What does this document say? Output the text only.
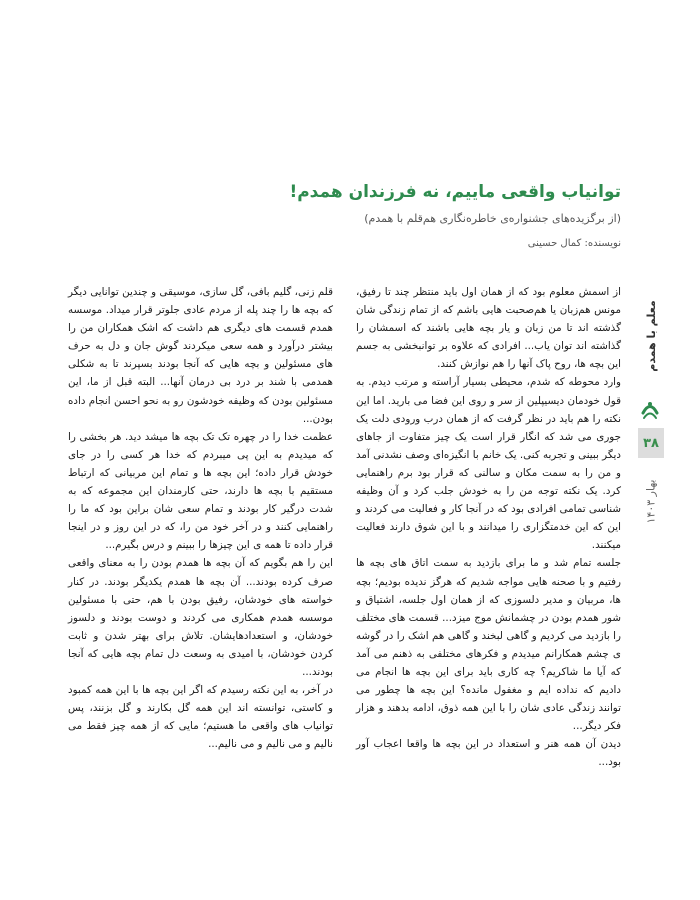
معلم با همدم
۳۸
بهار ۱۴۰۳
توانیاب واقعی ماییم، نه فرزندان همدم!

(از برگزیده‌های جشنواره‌ی خاطره‌نگاری هم‌قلم با همدم)

نویسنده: کمال حسینی

از اسمش معلوم بود که از همان اول باید منتظر چند تا رفیق، مونس هم‌زبان یا هم‌صحبت هایی باشم که از تمام زندگی شان گذشته اند تا من زبان و یار بچه هایی باشند که اسمشان را گذاشته اند توان یاب... افرادی که علاوه بر توانبخشی به جسم این بچه ها، روح پاک آنها را هم نوازش کنند.

وارد محوطه که شدم، محیطی بسیار آراسته و مرتب دیدم. به قول خودمان دیسیپلین از سر و روی این فضا می بارید. اما این نکته را هم باید در نظر گرفت که از همان درب ورودی دلت یک جوری می شد که انگار قرار است یک چیز متفاوت از جاهای دیگر ببینی و تجربه کنی. یک خانم با انگیزه‌ای وصف نشدنی آمد و من را به سمت مکان و سالنی که قرار بود برم راهنمایی کرد. یک نکته توجه من را به خودش جلب کرد و آن وظیفه شناسی تمامی افرادی بود که در آنجا کار و فعالیت می کردند و این که این خدمتگزاری را میدانند و با این شوق دارند فعالیت میکنند.

جلسه تمام شد و ما برای بازدید به سمت اتاق های بچه ها رفتیم و با صحنه هایی مواجه شدیم که هرگز ندیده بودیم؛ بچه ها، مربیان و مدیر دلسوزی که از همان اول جلسه، اشتیاق و شور همدم بودن در چشمانش موج میزد... قسمت های مختلف را بازدید می کردیم و گاهی لبخند و گاهی هم اشک را در گوشه ی چشم همکارانم میدیدم و فکرهای مختلفی به ذهنم می آمد که آیا ما شاکریم؟ چه کاری باید برای این بچه ها انجام می دادیم که نداده ایم و مغفول مانده؟ این بچه ها چطور می توانند زندگی عادی شان را با این همه ذوق، ادامه بدهند و هزار فکر دیگر...

دیدن آن همه هنر و استعداد در این بچه ها واقعا اعجاب آور بود...

قلم زنی، گلیم بافی، گل سازی، موسیقی و چندین توانایی دیگر که بچه ها را چند پله از مردم عادی جلوتر قرار میداد. موسسه همدم قسمت های دیگری هم داشت که اشک همکاران من را بیشتر درآورد و همه سعی میکردند گوش جان و دل به حرف های مسئولین و بچه هایی که آنجا بودند بسپرند تا به شکلی همدمی با شند بر درد بی درمان آنها... البته قبل از ما، این مسئولین بودن که وظیفه خودشون رو به نحو احسن انجام داده بودن...

عظمت خدا را در چهره تک تک بچه ها میشد دید. هر بخشی را که میدیدم به این پی میبردم که خدا هر کسی را در جای خودش قرار داده؛ این بچه ها و تمام این مربیانی که ارتباط مستقیم با بچه ها دارند، حتی کارمندان این مجموعه که به شدت درگیر کار بودند و تمام سعی شان براین بود که ما را راهنمایی کنند و در آخر خود من را، که در این روز و در اینجا قرار داده تا همه ی این چیزها را ببینم و درس بگیرم...

این را هم بگویم که آن بچه ها همدم بودن را به معنای واقعی صرف کرده بودند... آن بچه ها همدم یکدیگر بودند. در کنار خواسته های خودشان، رفیق بودن با هم، حتی با مسئولین موسسه همدم همکاری می کردند و دوست بودند و دلسوز خودشان، و استعدادهایشان. تلاش برای بهتر شدن و ثابت کردن خودشان، با امیدی به وسعت دل تمام بچه هایی که آنجا بودند...

در آخر، به این نکته رسیدم که اگر این بچه ها با این همه کمبود و کاستی، توانسته اند این همه گل بکارند و گل بزنند، پس توانیاب های واقعی ما هستیم؛ مایی که از همه چیز فقط می نالیم و می نالیم و می نالیم...
